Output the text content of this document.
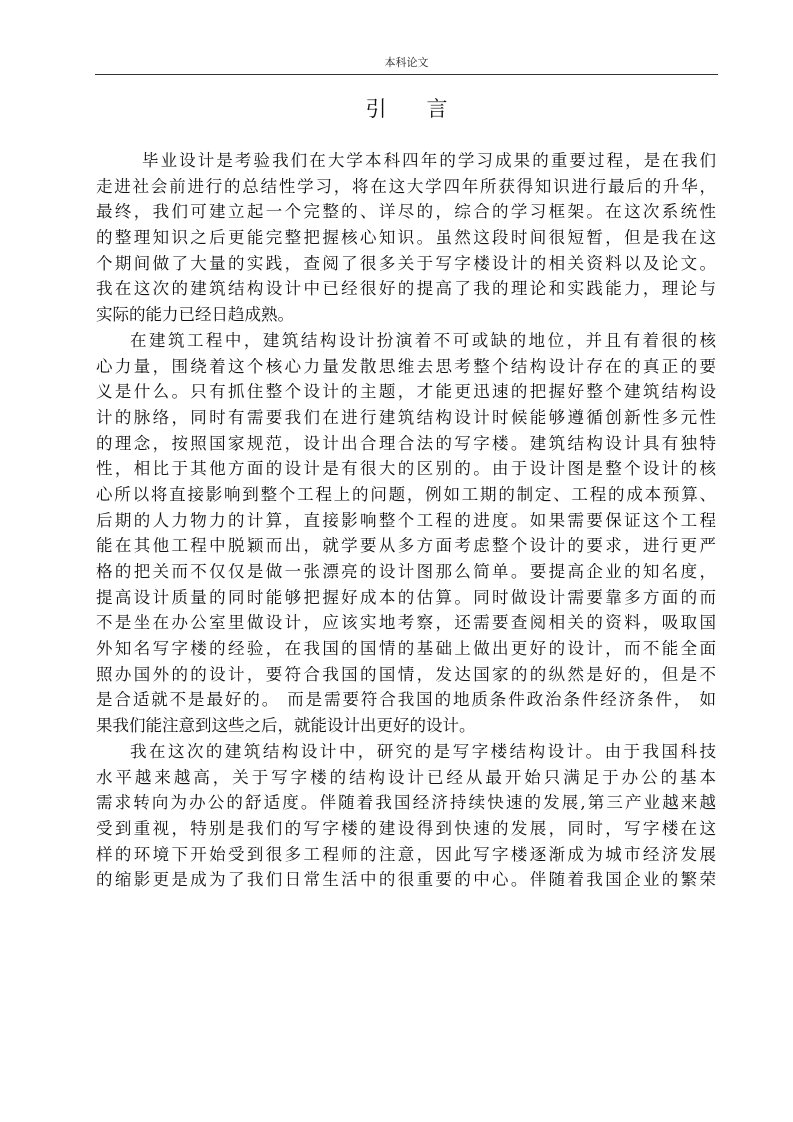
本科论文
引言
毕业设计是考验我们在大学本科四年的学习成果的重要过程，是在我们
走进社会前进行的总结性学习，将在这大学四年所获得知识进行最后的升华，
最终，我们可建立起一个完整的、详尽的，综合的学习框架。在这次系统性
的整理知识之后更能完整把握核心知识。虽然这段时间很短暂，但是我在这
个期间做了大量的实践，查阅了很多关于写字楼设计的相关资料以及论文。
我在这次的建筑结构设计中已经很好的提高了我的理论和实践能力，理论与
实际的能力已经日趋成熟。
在建筑工程中，建筑结构设计扮演着不可或缺的地位，并且有着很的核
心力量，围绕着这个核心力量发散思维去思考整个结构设计存在的真正的要
义是什么。只有抓住整个设计的主题，才能更迅速的把握好整个建筑结构设
计的脉络，同时有需要我们在进行建筑结构设计时候能够遵循创新性多元性
的理念，按照国家规范，设计出合理合法的写字楼。建筑结构设计具有独特
性，相比于其他方面的设计是有很大的区别的。由于设计图是整个设计的核
心所以将直接影响到整个工程上的问题，例如工期的制定、工程的成本预算、
后期的人力物力的计算，直接影响整个工程的进度。如果需要保证这个工程
能在其他工程中脱颖而出，就学要从多方面考虑整个设计的要求，进行更严
格的把关而不仅仅是做一张漂亮的设计图那么简单。要提高企业的知名度，
提高设计质量的同时能够把握好成本的估算。同时做设计需要靠多方面的而
不是坐在办公室里做设计，应该实地考察，还需要查阅相关的资料，吸取国
外知名写字楼的经验，在我国的国情的基础上做出更好的设计，而不能全面
照办国外的的设计，要符合我国的国情，发达国家的的纵然是好的，但是不
是合适就不是最好的。 而是需要符合我国的地质条件政治条件经济条件， 如
果我们能注意到这些之后，就能设计出更好的设计。
我在这次的建筑结构设计中，研究的是写字楼结构设计。由于我国科技
水平越来越高，关于写字楼的结构设计已经从最开始只满足于办公的基本
需求转向为办公的舒适度。伴随着我国经济持续快速的发展,第三产业越来越
受到重视，特别是我们的写字楼的建设得到快速的发展，同时，写字楼在这
样的环境下开始受到很多工程师的注意，因此写字楼逐渐成为城市经济发展
的缩影更是成为了我们日常生活中的很重要的中心。伴随着我国企业的繁荣
